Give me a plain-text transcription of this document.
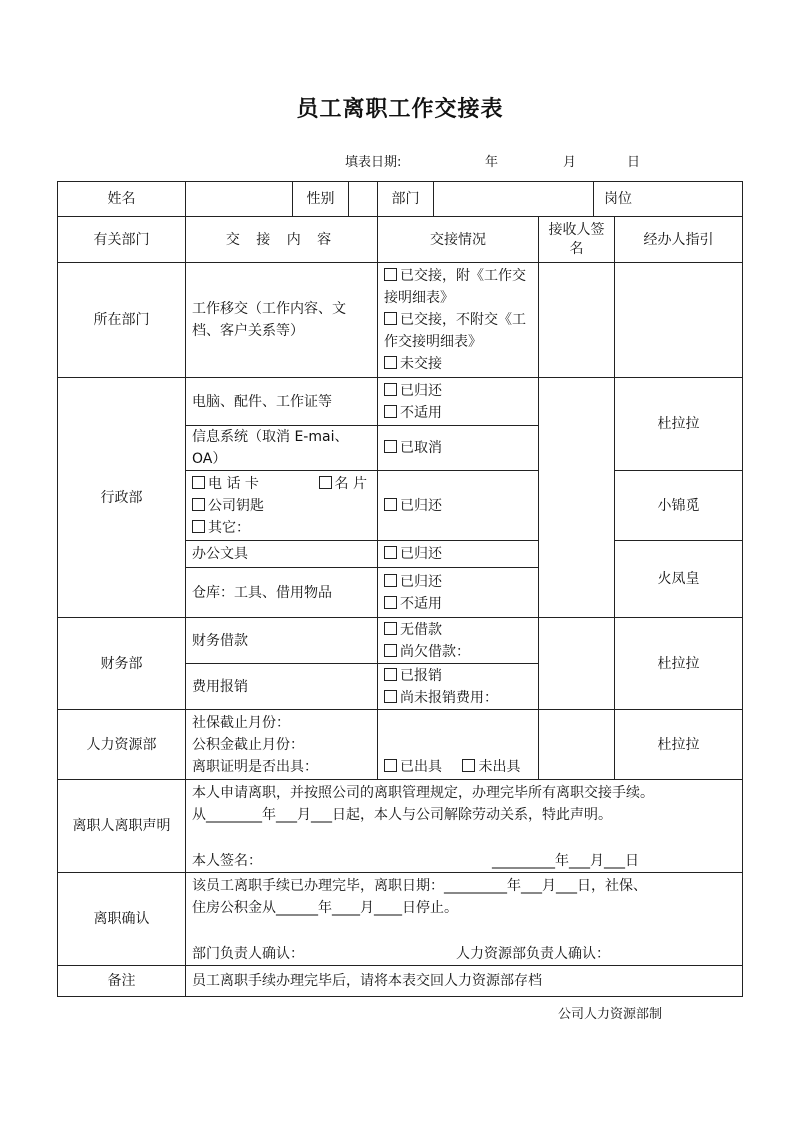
员工离职工作交接表
填表日期:	年	月	日
姓名		性别		部门			岗位	
有关部门	交 接 内 容			交接情况		接收人签名		经办人指引
所在部门	工作移交（工作内容、文档、客户关系等）			已交接，附《工作交接明细表》
已交接，不附交《工作交接明细表》
未交接				

行政部	电脑、配件、工作证等			已归还
不适用				杜拉拉
	信息系统（取消 E-mai、OA）			已取消				

	电 话 卡 名 片
公司钥匙
其它：			已归还				小锦觅
	办公文具			已归还				火凤皇
	仓库：工具、借用物品			已归还
不适用				

财务部	财务借款			无借款
尚欠借款：				杜拉拉
	费用报销			已报销
尚未报销费用：				

人力资源部	社保截止月份：
公积金截止月份：
离职证明是否出具：			已出具 未出具				杜拉拉
离职人离职声明	本人申请离职，并按照公司的离职管理规定，办理完毕所有离职交接手续。
从________年___月___日起，本人与公司解除劳动关系，特此声明。
本人签名： _________年___月___日							

离职确认	该员工离职手续已办理完毕，离职日期：_________年___月___日，社保、
住房公积金从______年____月____日停止。
部门负责人确认： 人力资源部负责人确认：							

备注	员工离职手续办理完毕后，请将本表交回人力资源部存档							
公司人力资源部制
